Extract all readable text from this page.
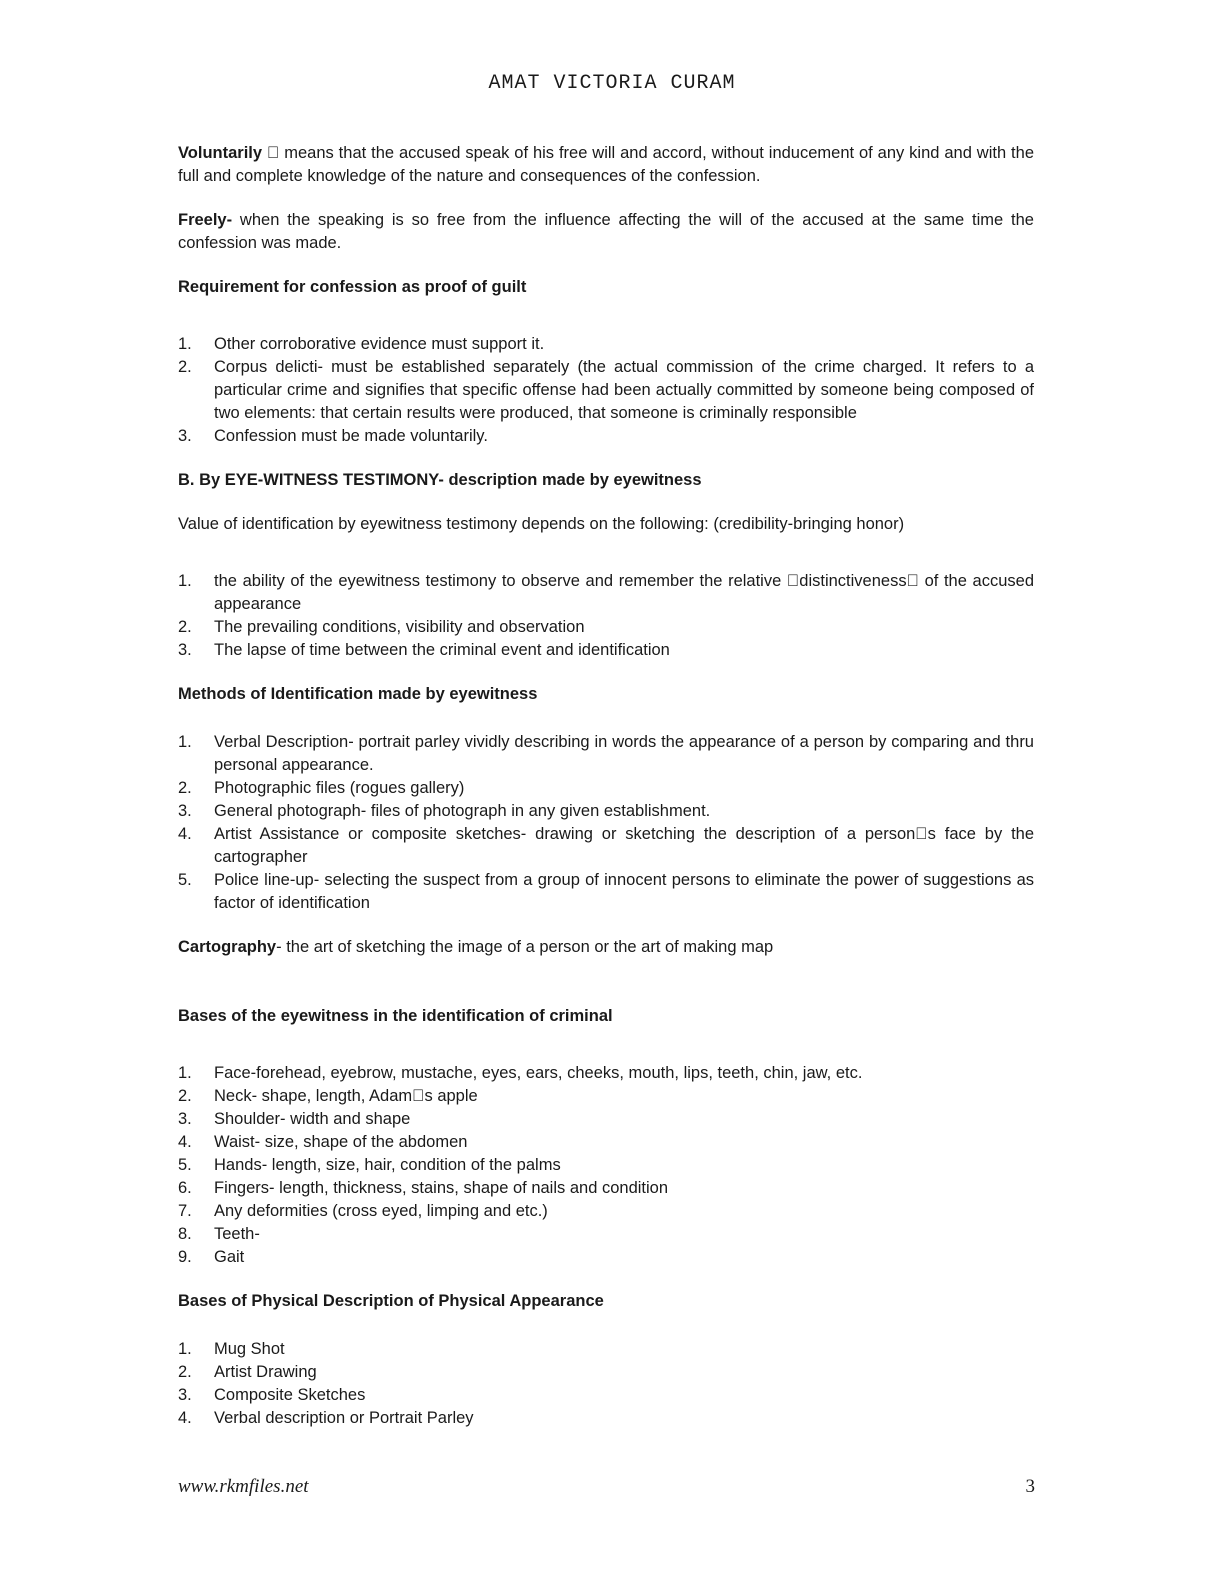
AMAT VICTORIA CURAM

Voluntarily   means that the accused speak of his free will and accord, without inducement of any kind and with the full and complete knowledge of the nature and consequences of the confession.

Freely- when the speaking is so free from the influence affecting the will of the accused at the same time the confession was made.

Requirement for confession as proof of guilt
1. Other corroborative evidence must support it.
2. Corpus delicti- must be established separately (the actual commission of the crime charged. It refers to a particular crime and signifies that specific offense had been actually committed by someone being composed of two elements: that certain results were produced, that someone is criminally responsible
3. Confession must be made voluntarily.
B. By EYE-WITNESS TESTIMONY- description made by eyewitness

Value of identification by eyewitness testimony depends on the following: (credibility-bringing honor)

1. the ability of the eyewitness testimony to observe and remember the relative  distinctiveness  of the accused appearance
2. The prevailing conditions, visibility and observation
3. The lapse of time between the criminal event and identification
Methods of Identification made by eyewitness
1. Verbal Description- portrait parley vividly describing in words the appearance of a person by comparing and thru personal appearance.
2. Photographic files (rogues gallery)
3. General photograph- files of photograph in any given establishment.
4. Artist Assistance or composite sketches- drawing or sketching the description of a person s face by the cartographer
5. Police line-up- selecting the suspect from a group of innocent persons to eliminate the power of suggestions as factor of identification

Cartography- the art of sketching the image of a person or the art of making map

Bases of the eyewitness in the identification of criminal
1. Face-forehead, eyebrow, mustache, eyes, ears, cheeks, mouth, lips, teeth, chin, jaw, etc.
2. Neck- shape, length, Adam s apple
3. Shoulder- width and shape
4. Waist- size, shape of the abdomen
5. Hands- length, size, hair, condition of the palms
6. Fingers- length, thickness, stains, shape of nails and condition
7. Any deformities (cross eyed, limping and etc.)
8. Teeth-
9. Gait
Bases of Physical Description of Physical Appearance
1. Mug Shot
2. Artist Drawing
3. Composite Sketches
4. Verbal description or Portrait Parley
www.rkmfiles.net	3
